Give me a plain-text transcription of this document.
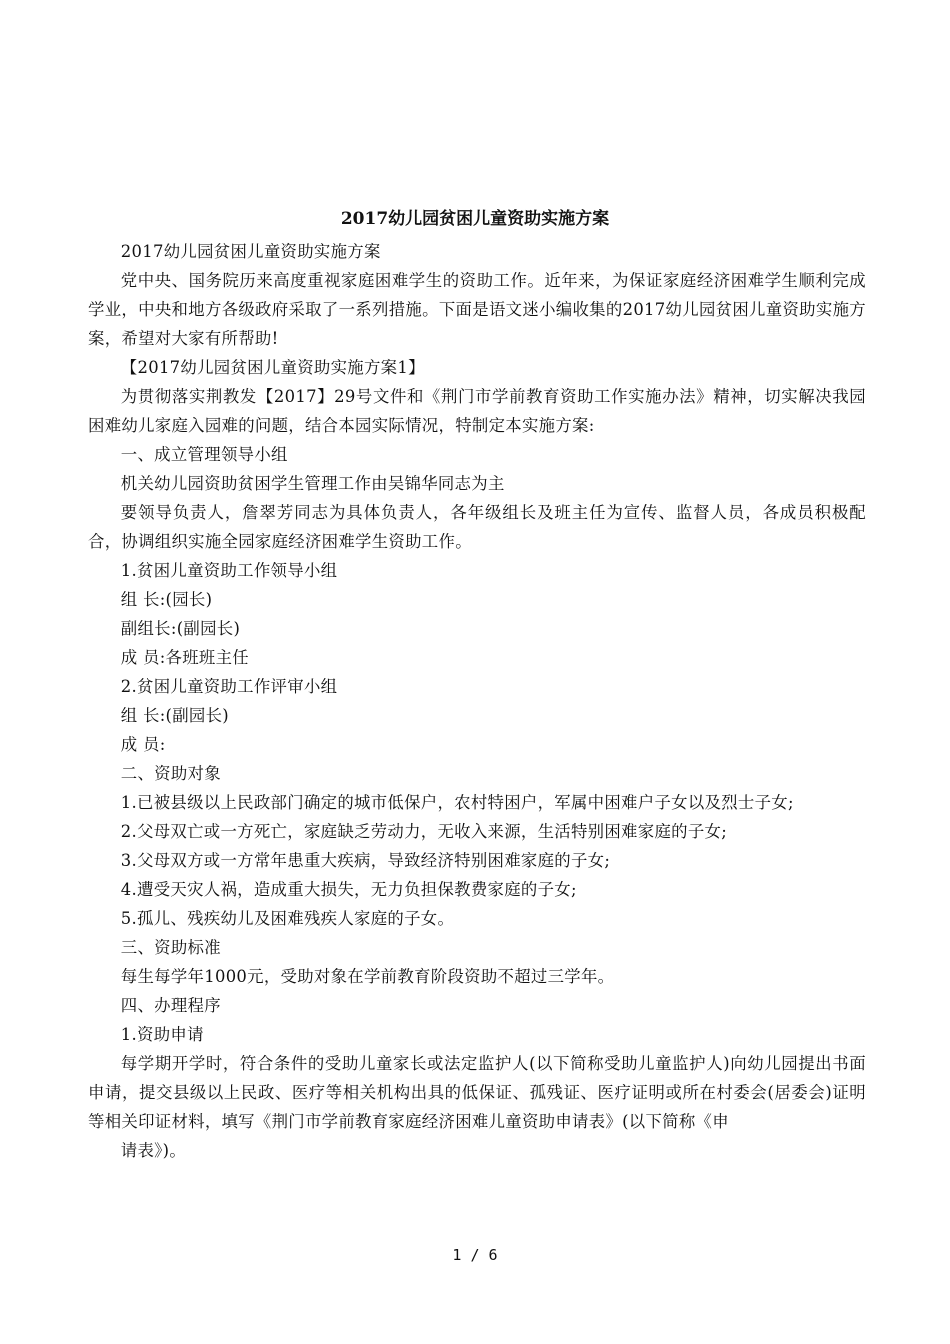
2017幼儿园贫困儿童资助实施方案

2017幼儿园贫困儿童资助实施方案

党中央、国务院历来高度重视家庭困难学生的资助工作。近年来，为保证家庭经济困难学生顺利完成学业，中央和地方各级政府采取了一系列措施。下面是语文迷小编收集的2017幼儿园贫困儿童资助实施方案，希望对大家有所帮助!

【2017幼儿园贫困儿童资助实施方案1】

为贯彻落实荆教发【2017】29号文件和《荆门市学前教育资助工作实施办法》精神，切实解决我园困难幼儿家庭入园难的问题，结合本园实际情况，特制定本实施方案:

一、成立管理领导小组

机关幼儿园资助贫困学生管理工作由吴锦华同志为主

要领导负责人，詹翠芳同志为具体负责人，各年级组长及班主任为宣传、监督人员，各成员积极配合，协调组织实施全园家庭经济困难学生资助工作。

1.贫困儿童资助工作领导小组

组 长:(园长)

副组长:(副园长)

成 员:各班班主任

2.贫困儿童资助工作评审小组

组 长:(副园长)

成 员:

二、资助对象

1.已被县级以上民政部门确定的城市低保户，农村特困户，军属中困难户子女以及烈士子女;

2.父母双亡或一方死亡，家庭缺乏劳动力，无收入来源，生活特别困难家庭的子女;

3.父母双方或一方常年患重大疾病，导致经济特别困难家庭的子女;

4.遭受天灾人祸，造成重大损失，无力负担保教费家庭的子女;

5.孤儿、残疾幼儿及困难残疾人家庭的子女。

三、资助标准

每生每学年1000元，受助对象在学前教育阶段资助不超过三学年。

四、办理程序

1.资助申请

每学期开学时，符合条件的受助儿童家长或法定监护人(以下简称受助儿童监护人)向幼儿园提出书面申请，提交县级以上民政、医疗等相关机构出具的低保证、孤残证、医疗证明或所在村委会(居委会)证明等相关印证材料，填写《荆门市学前教育家庭经济困难儿童资助申请表》(以下简称《申

请表》)。

1 / 6
